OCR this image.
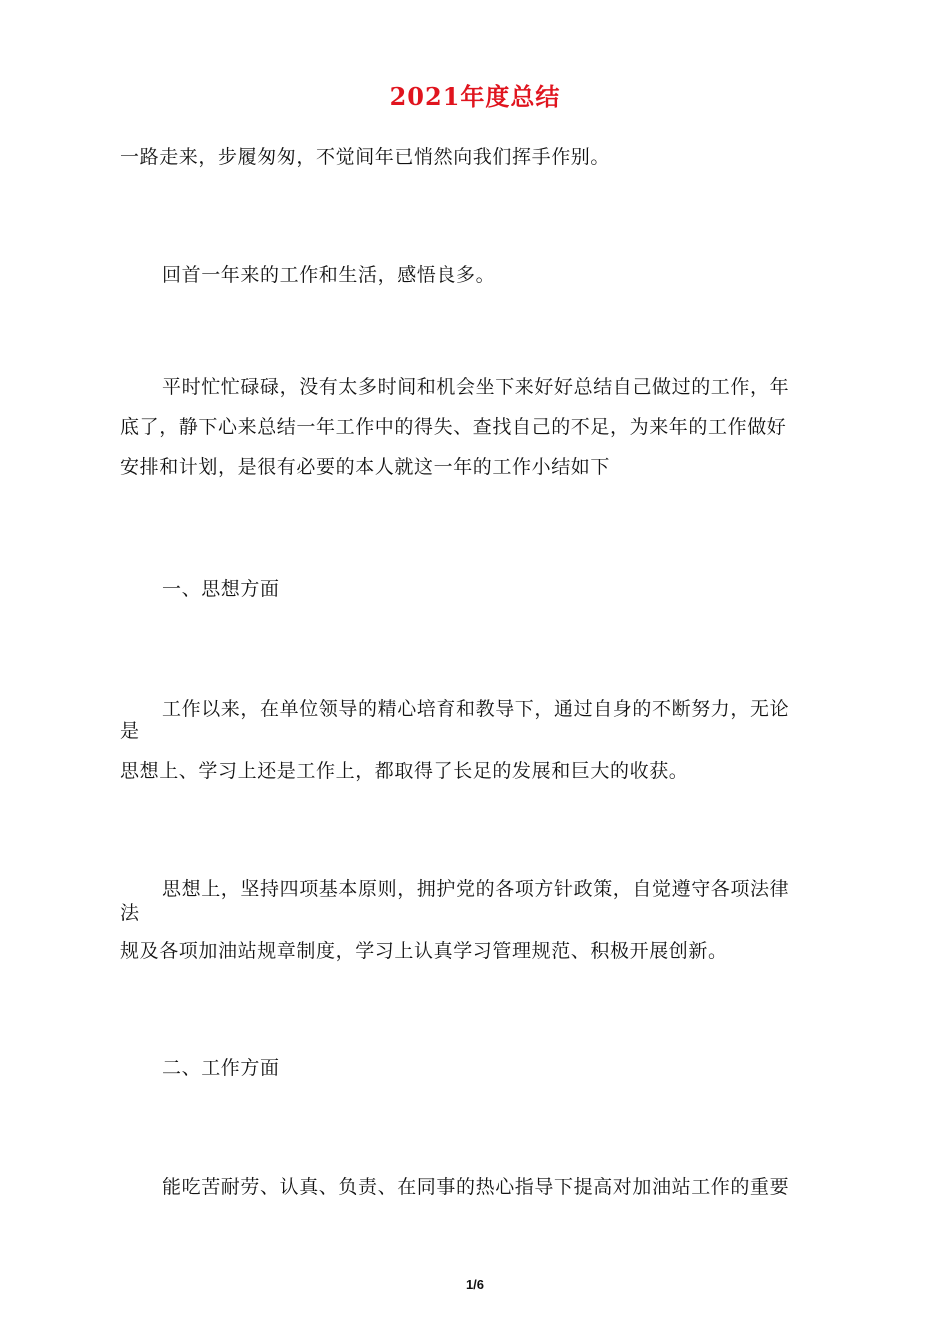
2021年度总结
一路走来，步履匆匆，不觉间年已悄然向我们挥手作别。
回首一年来的工作和生活，感悟良多。
平时忙忙碌碌，没有太多时间和机会坐下来好好总结自己做过的工作，年
底了，静下心来总结一年工作中的得失、查找自己的不足，为来年的工作做好
安排和计划，是很有必要的本人就这一年的工作小结如下
一、思想方面
工作以来，在单位领导的精心培育和教导下，通过自身的不断努力，无论
是
思想上、学习上还是工作上，都取得了长足的发展和巨大的收获。
思想上，坚持四项基本原则，拥护党的各项方针政策，自觉遵守各项法律
法
规及各项加油站规章制度，学习上认真学习管理规范、积极开展创新。
二、工作方面
能吃苦耐劳、认真、负责、在同事的热心指导下提高对加油站工作的重要
1/6
